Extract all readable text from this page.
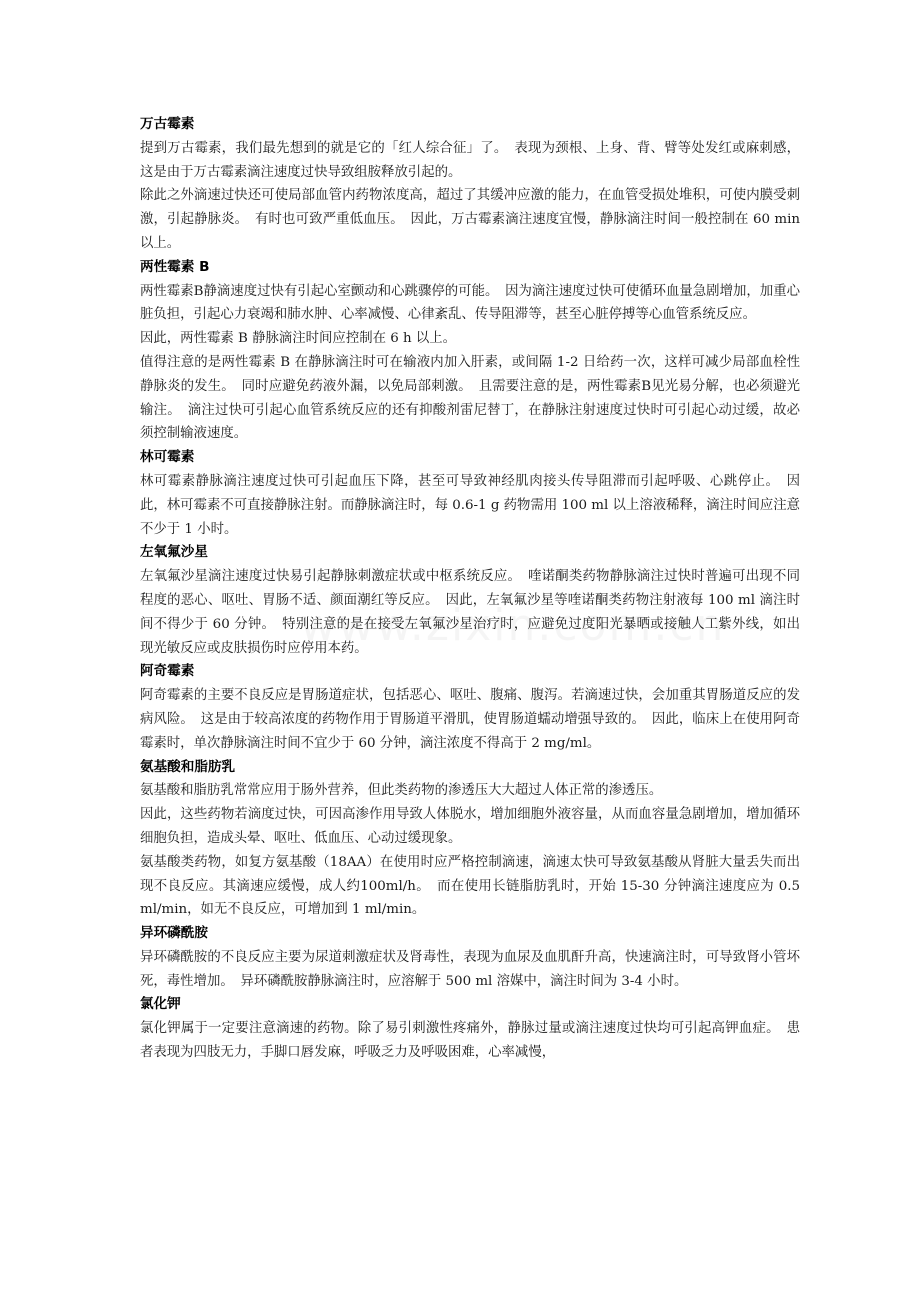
万古霉素

提到万古霉素，我们最先想到的就是它的「红人综合征」了。　表现为颈根、上身、背、臂等处发红或麻刺感，这是由于万古霉素滴注速度过快导致组胺释放引起的。

除此之外滴速过快还可使局部血管内药物浓度高，超过了其缓冲应激的能力，在血管受损处堆积，可使内膜受刺激，引起静脉炎。　有时也可致严重低血压。　因此，万古霉素滴注速度宜慢，静脉滴注时间一般控制在 60 min 以上。

两性霉素 B

两性霉素B静滴速度过快有引起心室颤动和心跳骤停的可能。　因为滴注速度过快可使循环血量急剧增加，加重心脏负担，引起心力衰竭和肺水肿、心率减慢、心律紊乱、传导阻滞等，甚至心脏停搏等心血管系统反应。

因此，两性霉素 B 静脉滴注时间应控制在 6 h 以上。

值得注意的是两性霉素 B 在静脉滴注时可在输液内加入肝素，或间隔 1-2 日给药一次，这样可减少局部血栓性静脉炎的发生。　同时应避免药液外漏，以免局部刺激。　且需要注意的是，两性霉素B见光易分解，也必须避光输注。　滴注过快可引起心血管系统反应的还有抑酸剂雷尼替丁，在静脉注射速度过快时可引起心动过缓，故必须控制输液速度。

林可霉素

林可霉素静脉滴注速度过快可引起血压下降，甚至可导致神经肌肉接头传导阻滞而引起呼吸、心跳停止。　因此，林可霉素不可直接静脉注射。而静脉滴注时，每 0.6-1 g 药物需用 100 ml 以上溶液稀释，滴注时间应注意不少于 1 小时。

左氧氟沙星

左氧氟沙星滴注速度过快易引起静脉刺激症状或中枢系统反应。　喹诺酮类药物静脉滴注过快时普遍可出现不同程度的恶心、呕吐、胃肠不适、颜面潮红等反应。　因此，左氧氟沙星等喹诺酮类药物注射液每 100 ml 滴注时间不得少于 60 分钟。　特别注意的是在接受左氧氟沙星治疗时，应避免过度阳光暴晒或接触人工紫外线，如出现光敏反应或皮肤损伤时应停用本药。

阿奇霉素

阿奇霉素的主要不良反应是胃肠道症状，包括恶心、呕吐、腹痛、腹泻。若滴速过快，会加重其胃肠道反应的发病风险。　这是由于较高浓度的药物作用于胃肠道平滑肌，使胃肠道蠕动增强导致的。　因此，临床上在使用阿奇霉素时，单次静脉滴注时间不宜少于 60 分钟，滴注浓度不得高于 2 mg/ml。

氨基酸和脂肪乳

氨基酸和脂肪乳常常应用于肠外营养，但此类药物的渗透压大大超过人体正常的渗透压。

因此，这些药物若滴度过快，可因高渗作用导致人体脱水，增加细胞外液容量，从而血容量急剧增加，增加循环细胞负担，造成头晕、呕吐、低血压、心动过缓现象。

氨基酸类药物，如复方氨基酸（18AA）在使用时应严格控制滴速，滴速太快可导致氨基酸从肾脏大量丢失而出现不良反应。其滴速应缓慢，成人约100ml/h。　而在使用长链脂肪乳时，开始 15-30 分钟滴注速度应为 0.5 ml/min，如无不良反应，可增加到 1 ml/min。

异环磷酰胺

异环磷酰胺的不良反应主要为尿道刺激症状及肾毒性，表现为血尿及血肌酐升高，快速滴注时，可导致肾小管坏死，毒性增加。　异环磷酰胺静脉滴注时，应溶解于 500 ml 溶媒中，滴注时间为 3-4 小时。

氯化钾

氯化钾属于一定要注意滴速的药物。除了易引刺激性疼痛外，静脉过量或滴注速度过快均可引起高钾血症。　患者表现为四肢无力，手脚口唇发麻，呼吸乏力及呼吸困难，心率减慢，
